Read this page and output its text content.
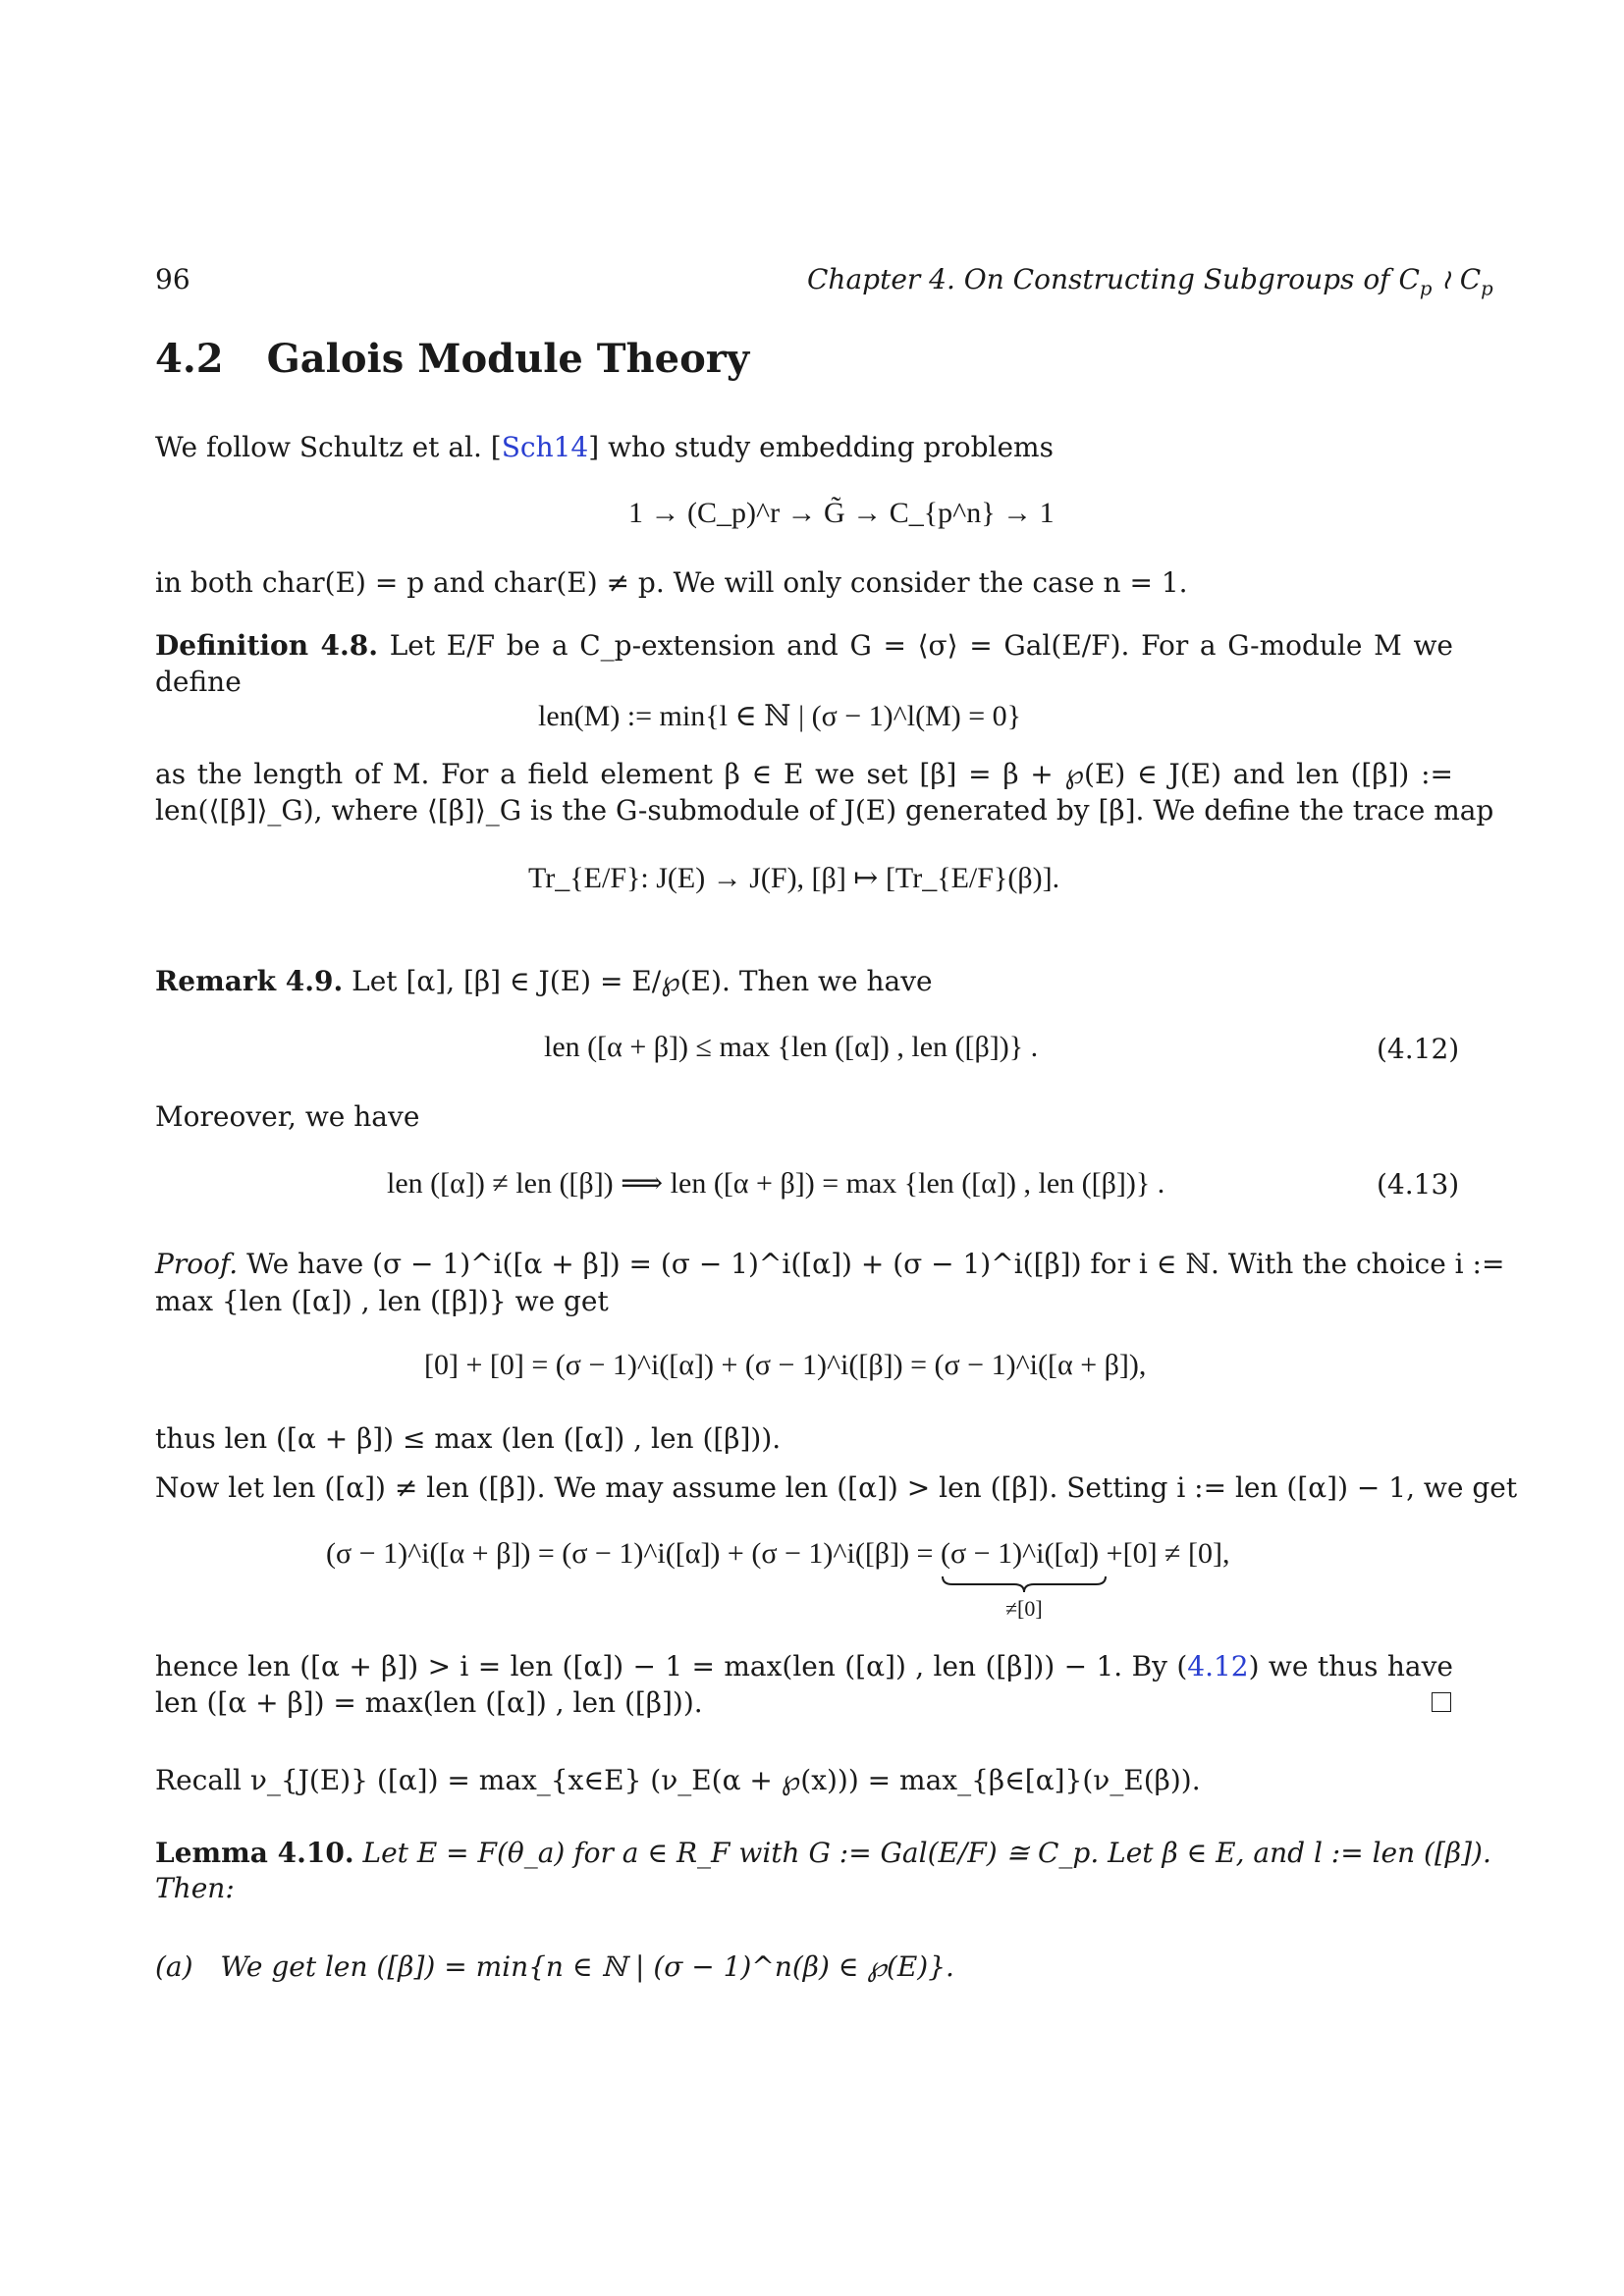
96	Chapter 4. On Constructing Subgroups of $C_p$ ≀ $C_p$
4.2 Galois Module Theory
We follow Schultz et al. [Sch14] who study embedding problems
1 → (C_p)^r → G̃ → C_{p^n} → 1
in both char(E) = p and char(E) ≠ p. We will only consider the case n = 1.
Definition 4.8. Let E/F be a C_p-extension and G = ⟨σ⟩ = Gal(E/F). For a G-module M we
define
len(M) := min{l ∈ ℕ | (σ − 1)^l(M) = 0}
as the length of M. For a field element β ∈ E we set [β] = β + ℘(E) ∈ J(E) and len ([β]) :=
len(⟨[β]⟩_G), where ⟨[β]⟩_G is the G-submodule of J(E) generated by [β]. We define the trace map
Tr_{E/F}: J(E) → J(F), [β] ↦ [Tr_{E/F}(β)].
Remark 4.9. Let [α], [β] ∈ J(E) = E/℘(E). Then we have
len ([α + β]) ≤ max {len ([α]) , len ([β])} .	(4.12)
Moreover, we have
len ([α]) ≠ len ([β]) ⟹ len ([α + β]) = max {len ([α]) , len ([β])} .	(4.13)
Proof. We have (σ − 1)^i([α + β]) = (σ − 1)^i([α]) + (σ − 1)^i([β]) for i ∈ ℕ. With the choice i :=
max {len ([α]) , len ([β])} we get
[0] + [0] = (σ − 1)^i([α]) + (σ − 1)^i([β]) = (σ − 1)^i([α + β]),
thus len ([α + β]) ≤ max (len ([α]) , len ([β])).
Now let len ([α]) ≠ len ([β]). We may assume len ([α]) > len ([β]). Setting i := len ([α]) − 1, we get
(σ − 1)^i([α + β]) = (σ − 1)^i([α]) + (σ − 1)^i([β]) = (σ − 1)^i([α])
≠[0]
+[0] ≠ [0],
hence len ([α + β]) > i = len ([α]) − 1 = max(len ([α]) , len ([β])) − 1. By (4.12) we thus have
len ([α + β]) = max(len ([α]) , len ([β])).
Recall ν_{J(E)} ([α]) = max_{x∈E} (ν_E(α + ℘(x))) = max_{β∈[α]}(ν_E(β)).
Lemma 4.10. Let E = F(θ_a) for a ∈ R_F with G := Gal(E/F) ≅ C_p. Let β ∈ E, and l := len ([β]).
Then:
(a) We get len ([β]) = min{n ∈ ℕ | (σ − 1)^n(β) ∈ ℘(E)}.
